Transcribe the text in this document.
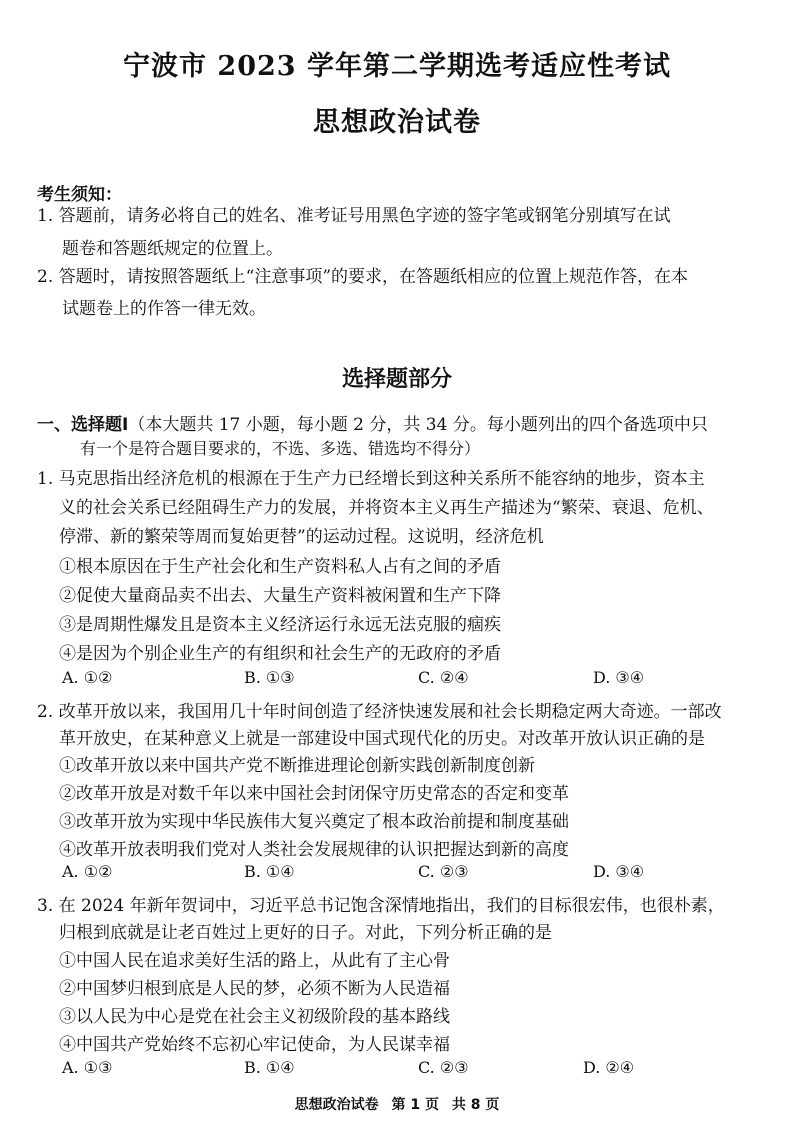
宁波市 2023 学年第二学期选考适应性考试
思想政治试卷
考生须知：
1. 答题前，请务必将自己的姓名、准考证号用黑色字迹的签字笔或钢笔分别填写在试
题卷和答题纸规定的位置上。
2. 答题时，请按照答题纸上“注意事项”的要求，在答题纸相应的位置上规范作答，在本
试题卷上的作答一律无效。
选择题部分
一、选择题Ⅰ（本大题共 17 小题，每小题 2 分，共 34 分。每小题列出的四个备选项中只
有一个是符合题目要求的，不选、多选、错选均不得分）
1. 马克思指出经济危机的根源在于生产力已经增长到这种关系所不能容纳的地步，资本主
义的社会关系已经阻碍生产力的发展，并将资本主义再生产描述为“繁荣、衰退、危机、
停滞、新的繁荣等周而复始更替”的运动过程。这说明，经济危机
①根本原因在于生产社会化和生产资料私人占有之间的矛盾
②促使大量商品卖不出去、大量生产资料被闲置和生产下降
③是周期性爆发且是资本主义经济运行永远无法克服的痼疾
④是因为个别企业生产的有组织和社会生产的无政府的矛盾
A. ①②	B. ①③	C. ②④	D. ③④
2. 改革开放以来，我国用几十年时间创造了经济快速发展和社会长期稳定两大奇迹。一部改
革开放史，在某种意义上就是一部建设中国式现代化的历史。对改革开放认识正确的是
①改革开放以来中国共产党不断推进理论创新实践创新制度创新
②改革开放是对数千年以来中国社会封闭保守历史常态的否定和变革
③改革开放为实现中华民族伟大复兴奠定了根本政治前提和制度基础
④改革开放表明我们党对人类社会发展规律的认识把握达到新的高度
A. ①②	B. ①④	C. ②③	D. ③④
3. 在 2024 年新年贺词中，习近平总书记饱含深情地指出，我们的目标很宏伟，也很朴素，
归根到底就是让老百姓过上更好的日子。对此，下列分析正确的是
①中国人民在追求美好生活的路上，从此有了主心骨
②中国梦归根到底是人民的梦，必须不断为人民造福
③以人民为中心是党在社会主义初级阶段的基本路线
④中国共产党始终不忘初心牢记使命，为人民谋幸福
A. ①③	B. ①④	C. ②③	D. ②④
思想政治试卷 第 1 页 共 8 页
